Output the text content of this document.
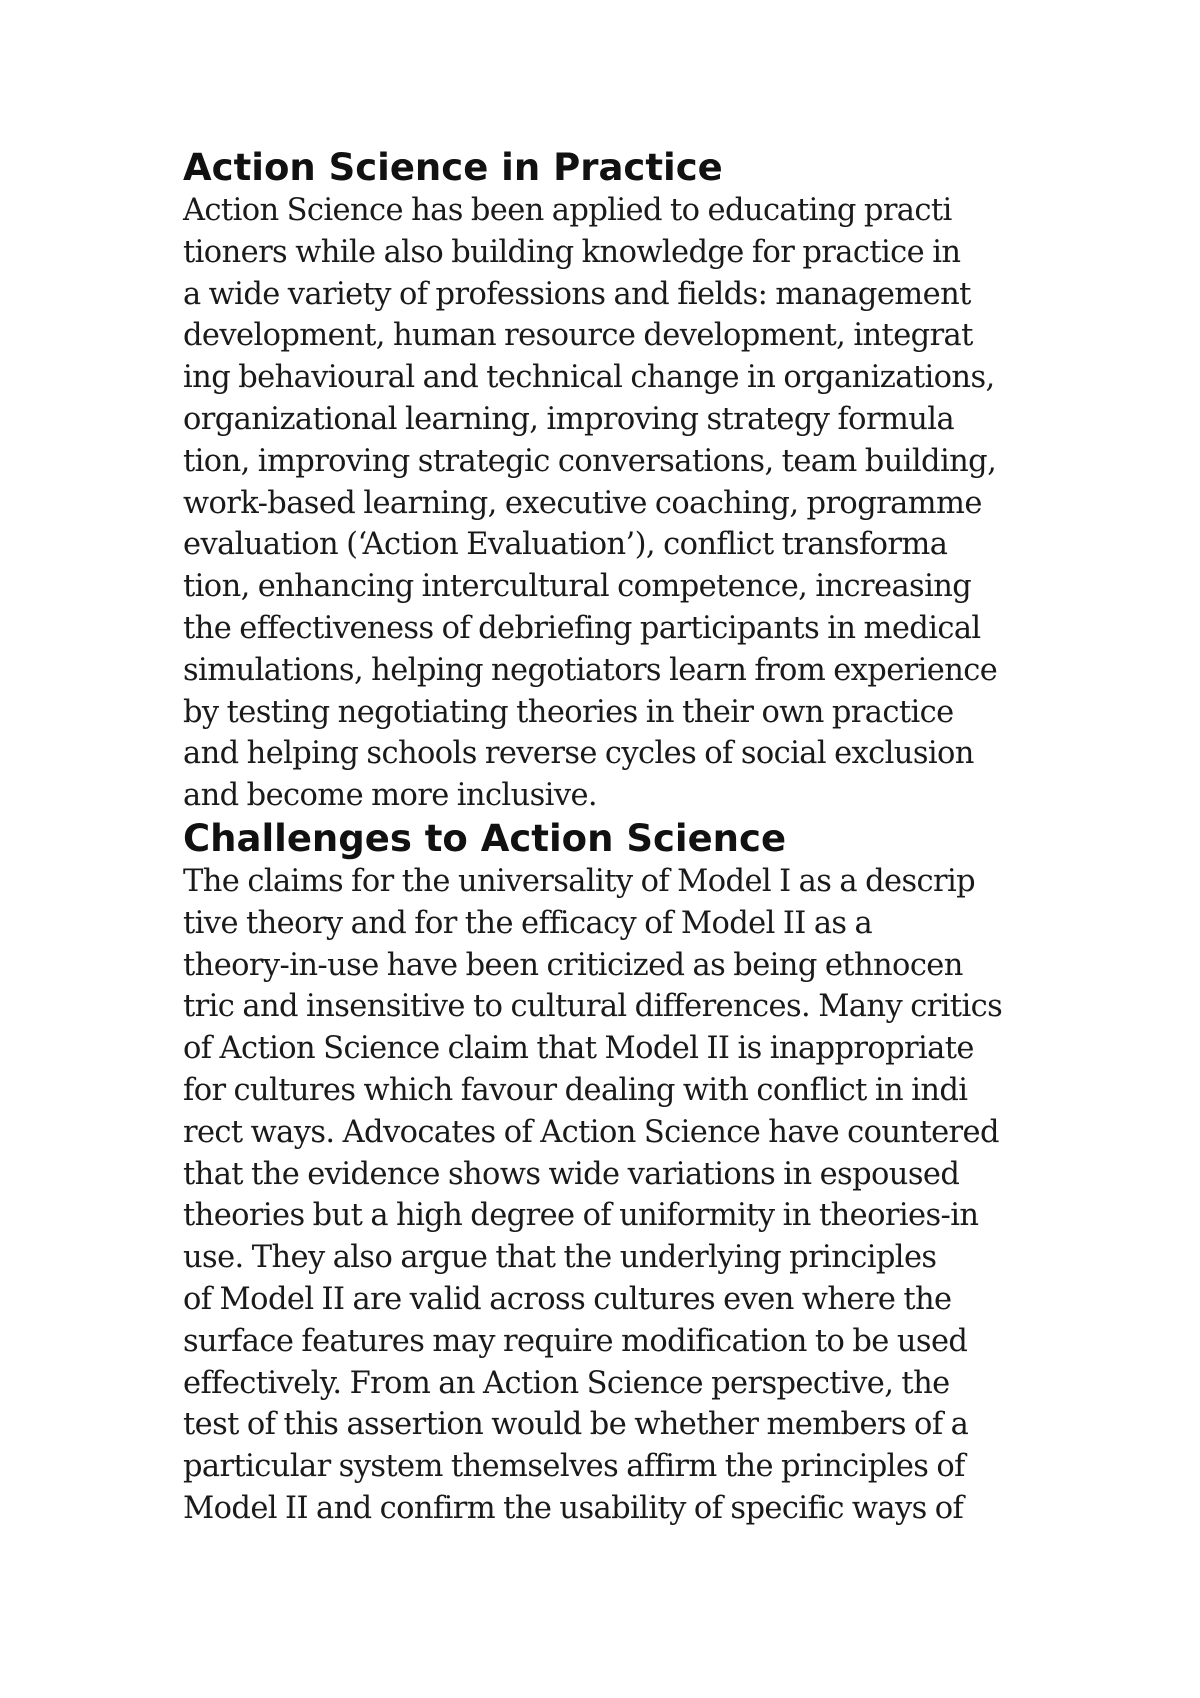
Action Science in Practice
Action Science has been applied to educating practi
tioners while also building knowledge for practice in
a wide variety of professions and fields: management
development, human resource development, integrat
ing behavioural and technical change in organizations,
organizational learning, improving strategy formula
tion, improving strategic conversations, team building,
work-based learning, executive coaching, programme
evaluation (‘Action Evaluation’), conflict transforma
tion, enhancing intercultural competence, increasing
the effectiveness of debriefing participants in medical
simulations, helping negotiators learn from experience
by testing negotiating theories in their own practice
and helping schools reverse cycles of social exclusion
and become more inclusive.
Challenges to Action Science
The claims for the universality of Model I as a descrip
tive theory and for the efficacy of Model II as a
theory-in-use have been criticized as being ethnocen
tric and insensitive to cultural differences. Many critics
of Action Science claim that Model II is inappropriate
for cultures which favour dealing with conflict in indi
rect ways. Advocates of Action Science have countered
that the evidence shows wide variations in espoused
theories but a high degree of uniformity in theories-in
use. They also argue that the underlying principles
of Model II are valid across cultures even where the
surface features may require modification to be used
effectively. From an Action Science perspective, the
test of this assertion would be whether members of a
particular system themselves affirm the principles of
Model II and confirm the usability of specific ways of
